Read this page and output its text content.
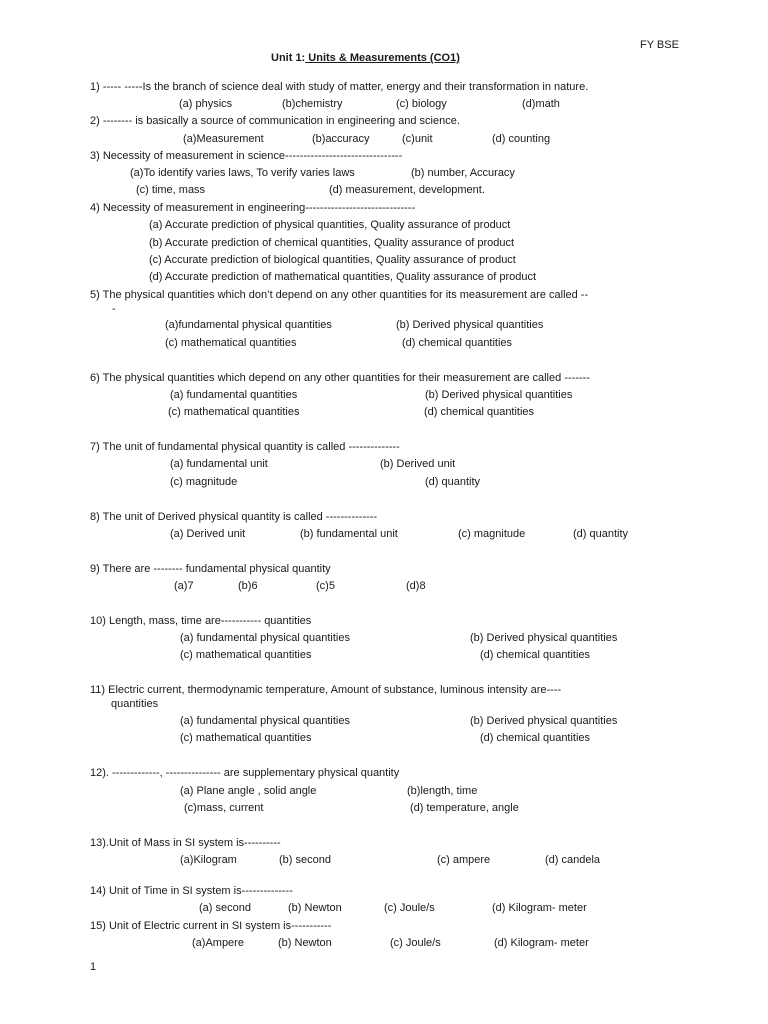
FY BSE
Unit 1: Units & Measurements (CO1)
1) ----- -----Is the branch of science deal with study of matter, energy and their transformation in nature.
(a) physics	(b)chemistry	(c) biology	(d)math
2) -------- is basically a source of communication in engineering and science.
(a)Measurement	(b)accuracy	(c)unit	(d) counting
3) Necessity of measurement in science--------------------------------
(a)To identify varies laws, To verify varies laws	(b) number, Accuracy
(c) time, mass	(d) measurement, development.
4) Necessity of measurement in engineering------------------------------
(a) Accurate prediction of physical quantities, Quality assurance of product
(b) Accurate prediction of chemical quantities, Quality assurance of product
(c) Accurate prediction of biological quantities, Quality assurance of product
(d) Accurate prediction of mathematical quantities, Quality assurance of product
5) The physical quantities which don’t depend on any other quantities for its measurement are called --
-
(a)fundamental physical quantities	(b) Derived physical quantities
(c) mathematical quantities	(d) chemical quantities
6) The physical quantities which depend on any other quantities for their measurement are called -------
(a) fundamental quantities	(b) Derived physical quantities
(c) mathematical quantities	(d) chemical quantities
7) The unit of fundamental physical quantity is called --------------
(a) fundamental unit	(b) Derived unit
(c) magnitude	(d) quantity
8) The unit of Derived physical quantity is called --------------
(a) Derived unit	(b) fundamental unit	(c) magnitude	(d) quantity
9) There are -------- fundamental physical quantity
(a)7	(b)6	(c)5	(d)8
10) Length, mass, time are----------- quantities
(a) fundamental physical quantities	(b) Derived physical quantities
(c) mathematical quantities	(d) chemical quantities
11) Electric current, thermodynamic temperature, Amount of substance, luminous intensity are----
quantities
(a) fundamental physical quantities	(b) Derived physical quantities
(c) mathematical quantities	(d) chemical quantities
12). -------------, --------------- are supplementary physical quantity
(a) Plane angle , solid angle	(b)length, time
(c)mass, current	(d) temperature, angle
13).Unit of Mass in SI system is----------
(a)Kilogram	(b) second	(c) ampere	(d) candela
14) Unit of Time in SI system is--------------
(a) second	(b) Newton	(c) Joule/s	(d) Kilogram- meter
15) Unit of Electric current in SI system is-----------
(a)Ampere	(b) Newton	(c) Joule/s	(d) Kilogram- meter
1
